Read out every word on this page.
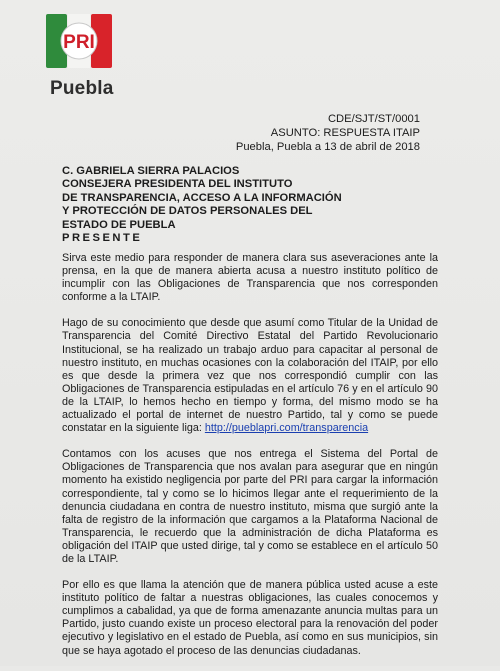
PRI
Puebla
CDE/SJT/ST/0001
ASUNTO: RESPUESTA ITAIP
Puebla, Puebla a 13 de abril de 2018
C. GABRIELA SIERRA PALACIOS
CONSEJERA PRESIDENTA DEL INSTITUTO
DE TRANSPARENCIA, ACCESO A LA INFORMACIÓN
Y PROTECCIÓN DE DATOS PERSONALES DEL
ESTADO DE PUEBLA
PRESENTE

Sirva este medio para responder de manera clara sus aseveraciones ante la prensa, en la que de manera abierta acusa a nuestro instituto político de incumplir con las Obligaciones de Transparencia que nos corresponden conforme a la LTAIP.

Hago de su conocimiento que desde que asumí como Titular de la Unidad de Transparencia del Comité Directivo Estatal del Partido Revolucionario Institucional, se ha realizado un trabajo arduo para capacitar al personal de nuestro instituto, en muchas ocasiones con la colaboración del ITAIP, por ello es que desde la primera vez que nos correspondió cumplir con las Obligaciones de Transparencia estipuladas en el artículo 76 y en el artículo 90 de la LTAIP, lo hemos hecho en tiempo y forma, del mismo modo se ha actualizado el portal de internet de nuestro Partido, tal y como se puede constatar en la siguiente liga: http://pueblapri.com/transparencia

Contamos con los acuses que nos entrega el Sistema del Portal de Obligaciones de Transparencia que nos avalan para asegurar que en ningún momento ha existido negligencia por parte del PRI para cargar la información correspondiente, tal y como se lo hicimos llegar ante el requerimiento de la denuncia ciudadana en contra de nuestro instituto, misma que surgió ante la falta de registro de la información que cargamos a la Plataforma Nacional de Transparencia, le recuerdo que la administración de dicha Plataforma es obligación del ITAIP que usted dirige, tal y como se establece en el artículo 50 de la LTAIP.

Por ello es que llama la atención que de manera pública usted acuse a este instituto político de faltar a nuestras obligaciones, las cuales conocemos y cumplimos a cabalidad, ya que de forma amenazante anuncia multas para un Partido, justo cuando existe un proceso electoral para la renovación del poder ejecutivo y legislativo en el estado de Puebla, así como en sus municipios, sin que se haya agotado el proceso de las denuncias ciudadanas.
